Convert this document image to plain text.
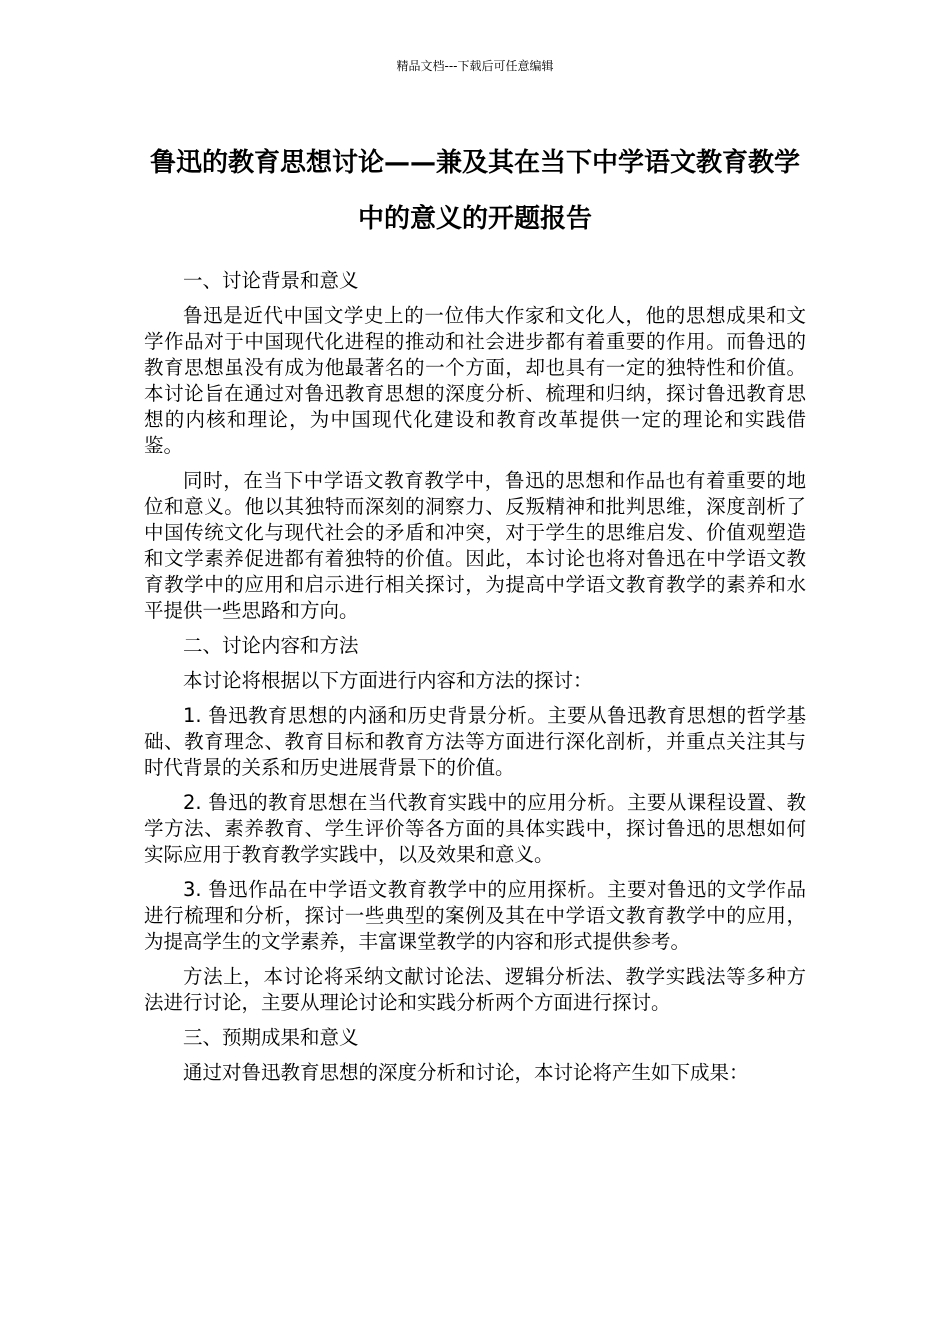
精品文档---下载后可任意编辑
鲁迅的教育思想讨论——兼及其在当下中学语文教育教学中的意义的开题报告

一、讨论背景和意义

鲁迅是近代中国文学史上的一位伟大作家和文化人，他的思想成果和文学作品对于中国现代化进程的推动和社会进步都有着重要的作用。而鲁迅的教育思想虽没有成为他最著名的一个方面，却也具有一定的独特性和价值。本讨论旨在通过对鲁迅教育思想的深度分析、梳理和归纳，探讨鲁迅教育思想的内核和理论，为中国现代化建设和教育改革提供一定的理论和实践借鉴。

同时，在当下中学语文教育教学中，鲁迅的思想和作品也有着重要的地位和意义。他以其独特而深刻的洞察力、反叛精神和批判思维，深度剖析了中国传统文化与现代社会的矛盾和冲突，对于学生的思维启发、价值观塑造和文学素养促进都有着独特的价值。因此，本讨论也将对鲁迅在中学语文教育教学中的应用和启示进行相关探讨，为提高中学语文教育教学的素养和水平提供一些思路和方向。

二、讨论内容和方法

本讨论将根据以下方面进行内容和方法的探讨：

1. 鲁迅教育思想的内涵和历史背景分析。主要从鲁迅教育思想的哲学基础、教育理念、教育目标和教育方法等方面进行深化剖析，并重点关注其与时代背景的关系和历史进展背景下的价值。

2. 鲁迅的教育思想在当代教育实践中的应用分析。主要从课程设置、教学方法、素养教育、学生评价等各方面的具体实践中，探讨鲁迅的思想如何实际应用于教育教学实践中，以及效果和意义。

3. 鲁迅作品在中学语文教育教学中的应用探析。主要对鲁迅的文学作品进行梳理和分析，探讨一些典型的案例及其在中学语文教育教学中的应用，为提高学生的文学素养，丰富课堂教学的内容和形式提供参考。

方法上，本讨论将采纳文献讨论法、逻辑分析法、教学实践法等多种方法进行讨论，主要从理论讨论和实践分析两个方面进行探讨。

三、预期成果和意义

通过对鲁迅教育思想的深度分析和讨论，本讨论将产生如下成果：
